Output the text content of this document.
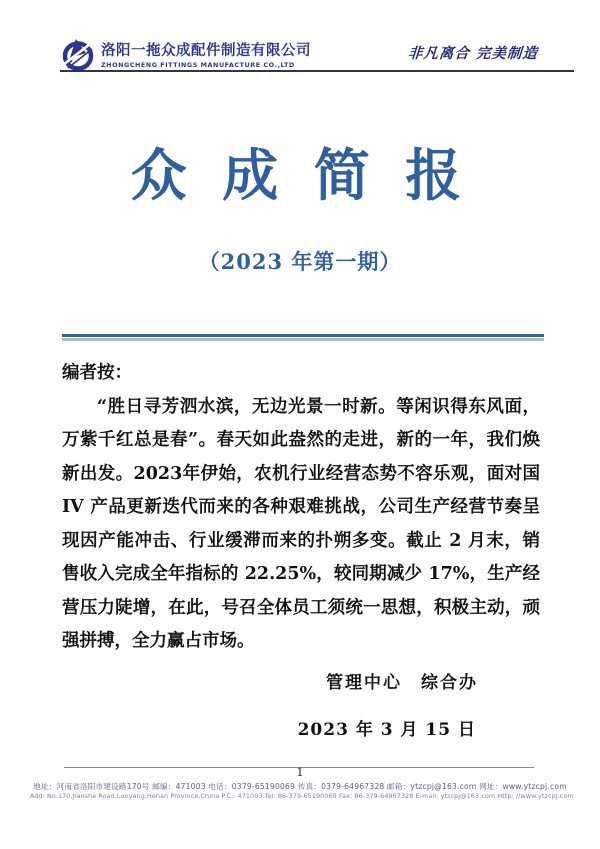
洛阳一拖众成配件制造有限公司
ZHONGCHENG FITTINGS MANUFACTURE CO.,LTD
非凡离合 完美制造
众 成 简 报
（2023 年第一期）
编者按：

“胜日寻芳泗水滨，无边光景一时新。等闲识得东风面，万紫千红总是春”。春天如此盎然的走进，新的一年，我们焕新出发。2023年伊始，农机行业经营态势不容乐观，面对国 IV 产品更新迭代而来的各种艰难挑战，公司生产经营节奏呈现因产能冲击、行业缓滞而来的扑朔多变。截止 2 月末，销售收入完成全年指标的 22.25%，较同期减少 17%，生产经营压力陡增，在此，号召全体员工须统一思想，积极主动，顽强拼搏，全力赢占市场。

管理中心　综合办
2023 年 3 月 15 日
1
地址：河南省洛阳市建设路170号 邮编：471003 电话：0379-65190069 传真：0379-64967328 邮箱：ytzcpj@163.com 网址：www.ytzcpj.com
Add: No.170,Jianshe Road,Luoyang,Henan Province,China P.C.: 471003 Tel: 86-379-65190069 Fax: 86-379-64967328 E-mail: ytzcpj@163.com Http: //www.ytzcpj.com
